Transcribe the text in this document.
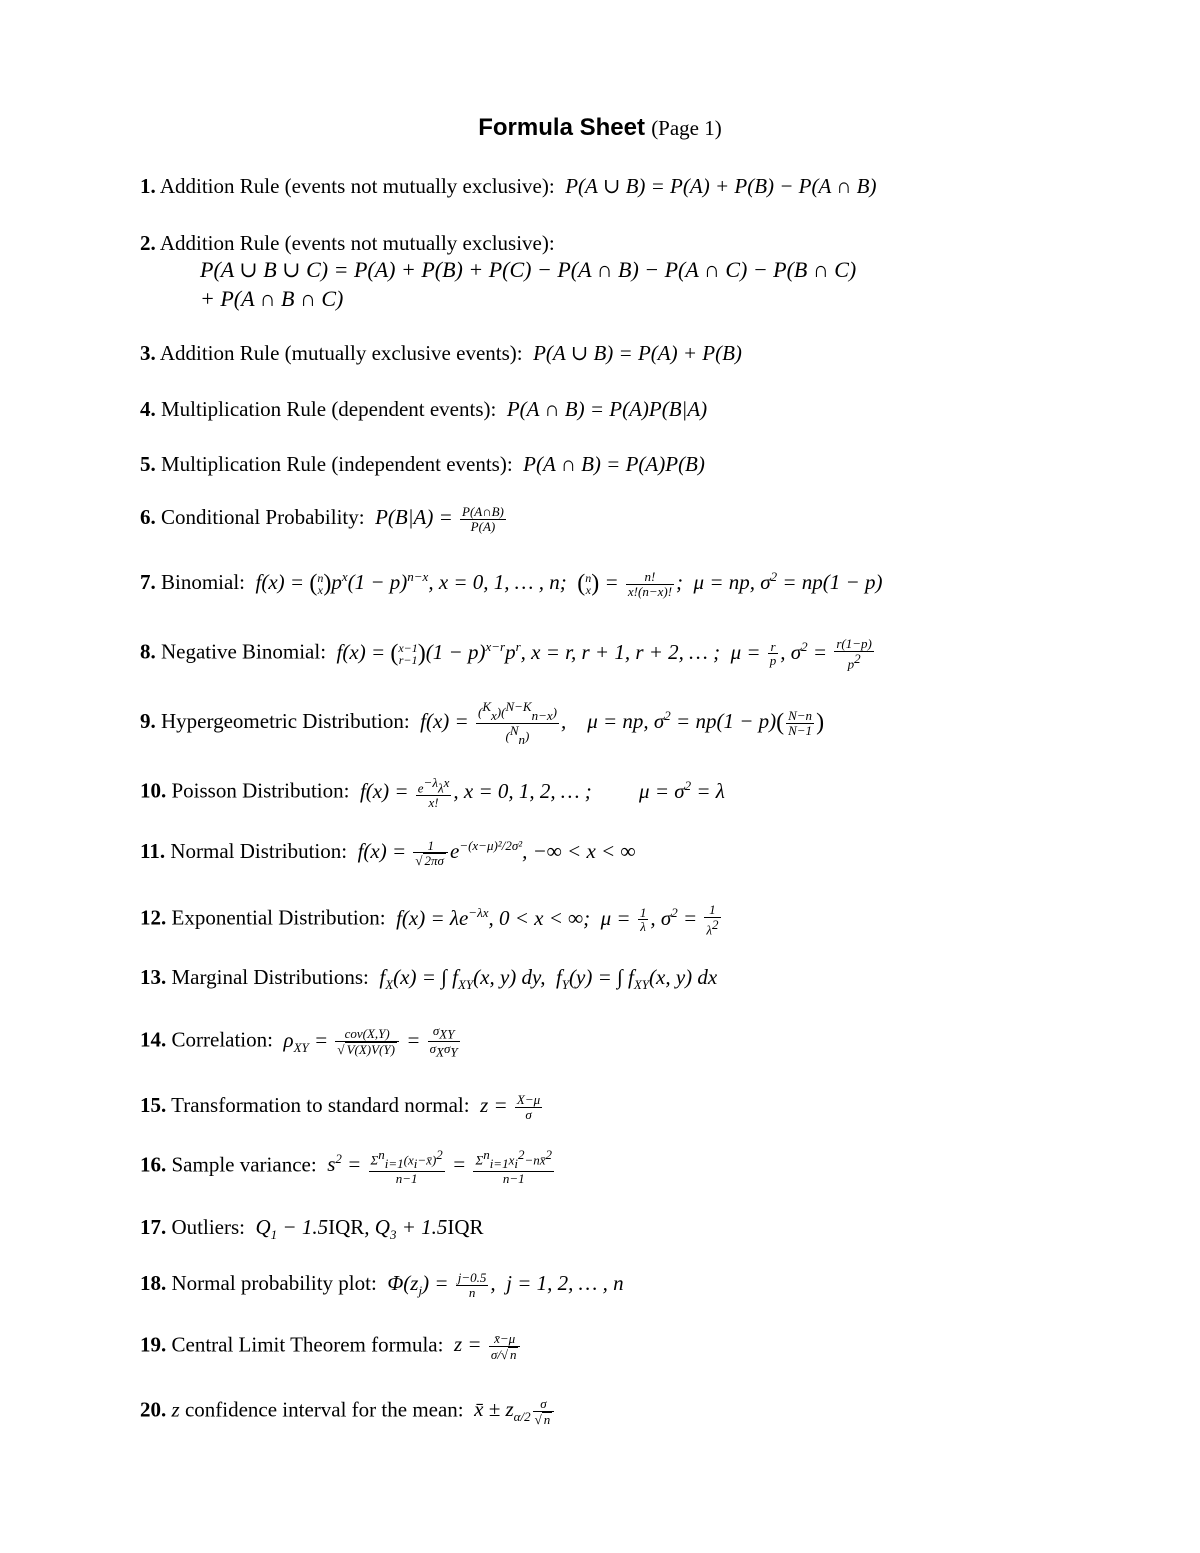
Formula Sheet (Page 1)
1. Addition Rule (events not mutually exclusive):  P(A ∪ B) = P(A) + P(B) − P(A ∩ B)
2. Addition Rule (events not mutually exclusive):
P(A ∪ B ∪ C) = P(A) + P(B) + P(C) − P(A ∩ B) − P(A ∩ C) − P(B ∩ C)
+ P(A ∩ B ∩ C)
3. Addition Rule (mutually exclusive events):  P(A ∪ B) = P(A) + P(B)
4. Multiplication Rule (dependent events):  P(A ∩ B) = P(A)P(B|A)
5. Multiplication Rule (independent events):  P(A ∩ B) = P(A)P(B)
6. Conditional Probability:  $P(B|A) = \frac{P(A\cap B)}{P(A)}$
7. Binomial:  f(x) = ( n
x )$p^x(1 - p)^{n-x}$, x = 0, 1, … , n;  ( n
x ) = $\frac{n!}{x!(n-x)!}$ ;  μ = np, $\sigma^2 = np(1 - p)$
8. Negative Binomial:  f(x) = ( x−1
r−1 )$(1 - p)^{x-r}p^r$, x = r, r + 1, r + 2, … ;  $\mu = \frac{r}{p}$ , $\sigma^2 = \frac{r(1-p)}{p^2}$
9. Hypergeometric Distribution:  $f(x) = \frac{(^K_x)(^{N-K}_{n-x})}{(^N_n)}$ ,    μ = np, $\sigma^2 = np(1 - p)( \frac{N-n}{N-1}$ )
10. Poisson Distribution:  $f(x) = \frac{e^{-\lambda}\lambda^x}{x!}$ , x = 0, 1, 2, … ;         $\mu = \sigma^2 = \lambda$
11. Normal Distribution:  $f(x) = \frac{1}{√ 2\pi\sigma} e^{-(x-\mu)^2/2\sigma^2}$, −∞ < x < ∞
12. Exponential Distribution:  $f(x) = \lambda e^{-\lambda x}$, 0 < x < ∞;  $\mu = \frac{1}{\lambda}$ , $\sigma^2 = \frac{1}{\lambda^2}$
13. Marginal Distributions:  $f_X(x)$ = ∫ $f_{XY}(x$, y) dy,  $f_Y(y)$ = ∫ $f_{XY}(x$, y) dx
14. Correlation:  $\rho_{XY} = \frac{\text{cov(X,Y)}}{√ V(X)V(Y)} = \frac{\sigma_{XY}}{\sigma_X\sigma_Y}$
15. Transformation to standard normal:  $z = \frac{X-\mu}{\sigma}$
16. Sample variance:  $s^2 = \frac{\Sigma^n_{i=1}(x_i-x̄)^2}{n-1} = \frac{\Sigma^n_{i=1}x_i^2-nx̄^2}{n-1}$
17. Outliers:  $Q_1 - 1.5IQR$, $Q_3 + 1.5IQR$
18. Normal probability plot:  $\Phi(z_j) = \frac{j-0.5}{n}$ ,  j = 1, 2, … , n
19. Central Limit Theorem formula:  $z = \frac{x̄-\mu}{\sigma/√ n}$
20. z confidence interval for the mean:  x̄ ± $z_{\alpha/2} \frac{\sigma}{√ n}$
